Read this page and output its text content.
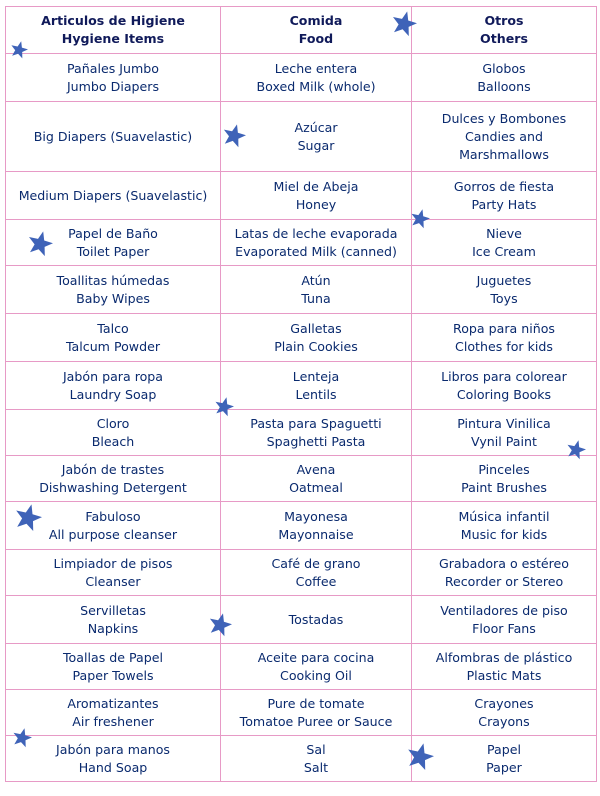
Articulos de Higiene
Hygiene Items	Comida
Food	Otros
Others

Pañales Jumbo
Jumbo Diapers	Leche entera
Boxed Milk (whole)	Globos
Balloons

Big Diapers (Suavelastic)	Azúcar
Sugar	Dulces y Bombones
Candies and
Marshmallows

Medium Diapers (Suavelastic)	Miel de Abeja
Honey	Gorros de fiesta
Party Hats

Papel de Baño
Toilet Paper	Latas de leche evaporada
Evaporated Milk (canned)	Nieve
Ice Cream

Toallitas húmedas
Baby Wipes	Atún
Tuna	Juguetes
Toys

Talco
Talcum Powder	Galletas
Plain Cookies	Ropa para niños
Clothes for kids

Jabón para ropa
Laundry Soap	Lenteja
Lentils	Libros para colorear
Coloring Books

Cloro
Bleach	Pasta para Spaguetti
Spaghetti Pasta	Pintura Vinilica
Vynil Paint

Jabón de trastes
Dishwashing Detergent	Avena
Oatmeal	Pinceles
Paint Brushes

Fabuloso
All purpose cleanser	Mayonesa
Mayonnaise	Música infantil
Music for kids

Limpiador de pisos
Cleanser	Café de grano
Coffee	Grabadora o estéreo
Recorder or Stereo

Servilletas
Napkins	Tostadas	Ventiladores de piso
Floor Fans

Toallas de Papel
Paper Towels	Aceite para cocina
Cooking Oil	Alfombras de plástico
Plastic Mats

Aromatizantes
Air freshener	Pure de tomate
Tomatoe Puree or Sauce	Crayones
Crayons

Jabón para manos
Hand Soap	Sal
Salt	Papel
Paper
